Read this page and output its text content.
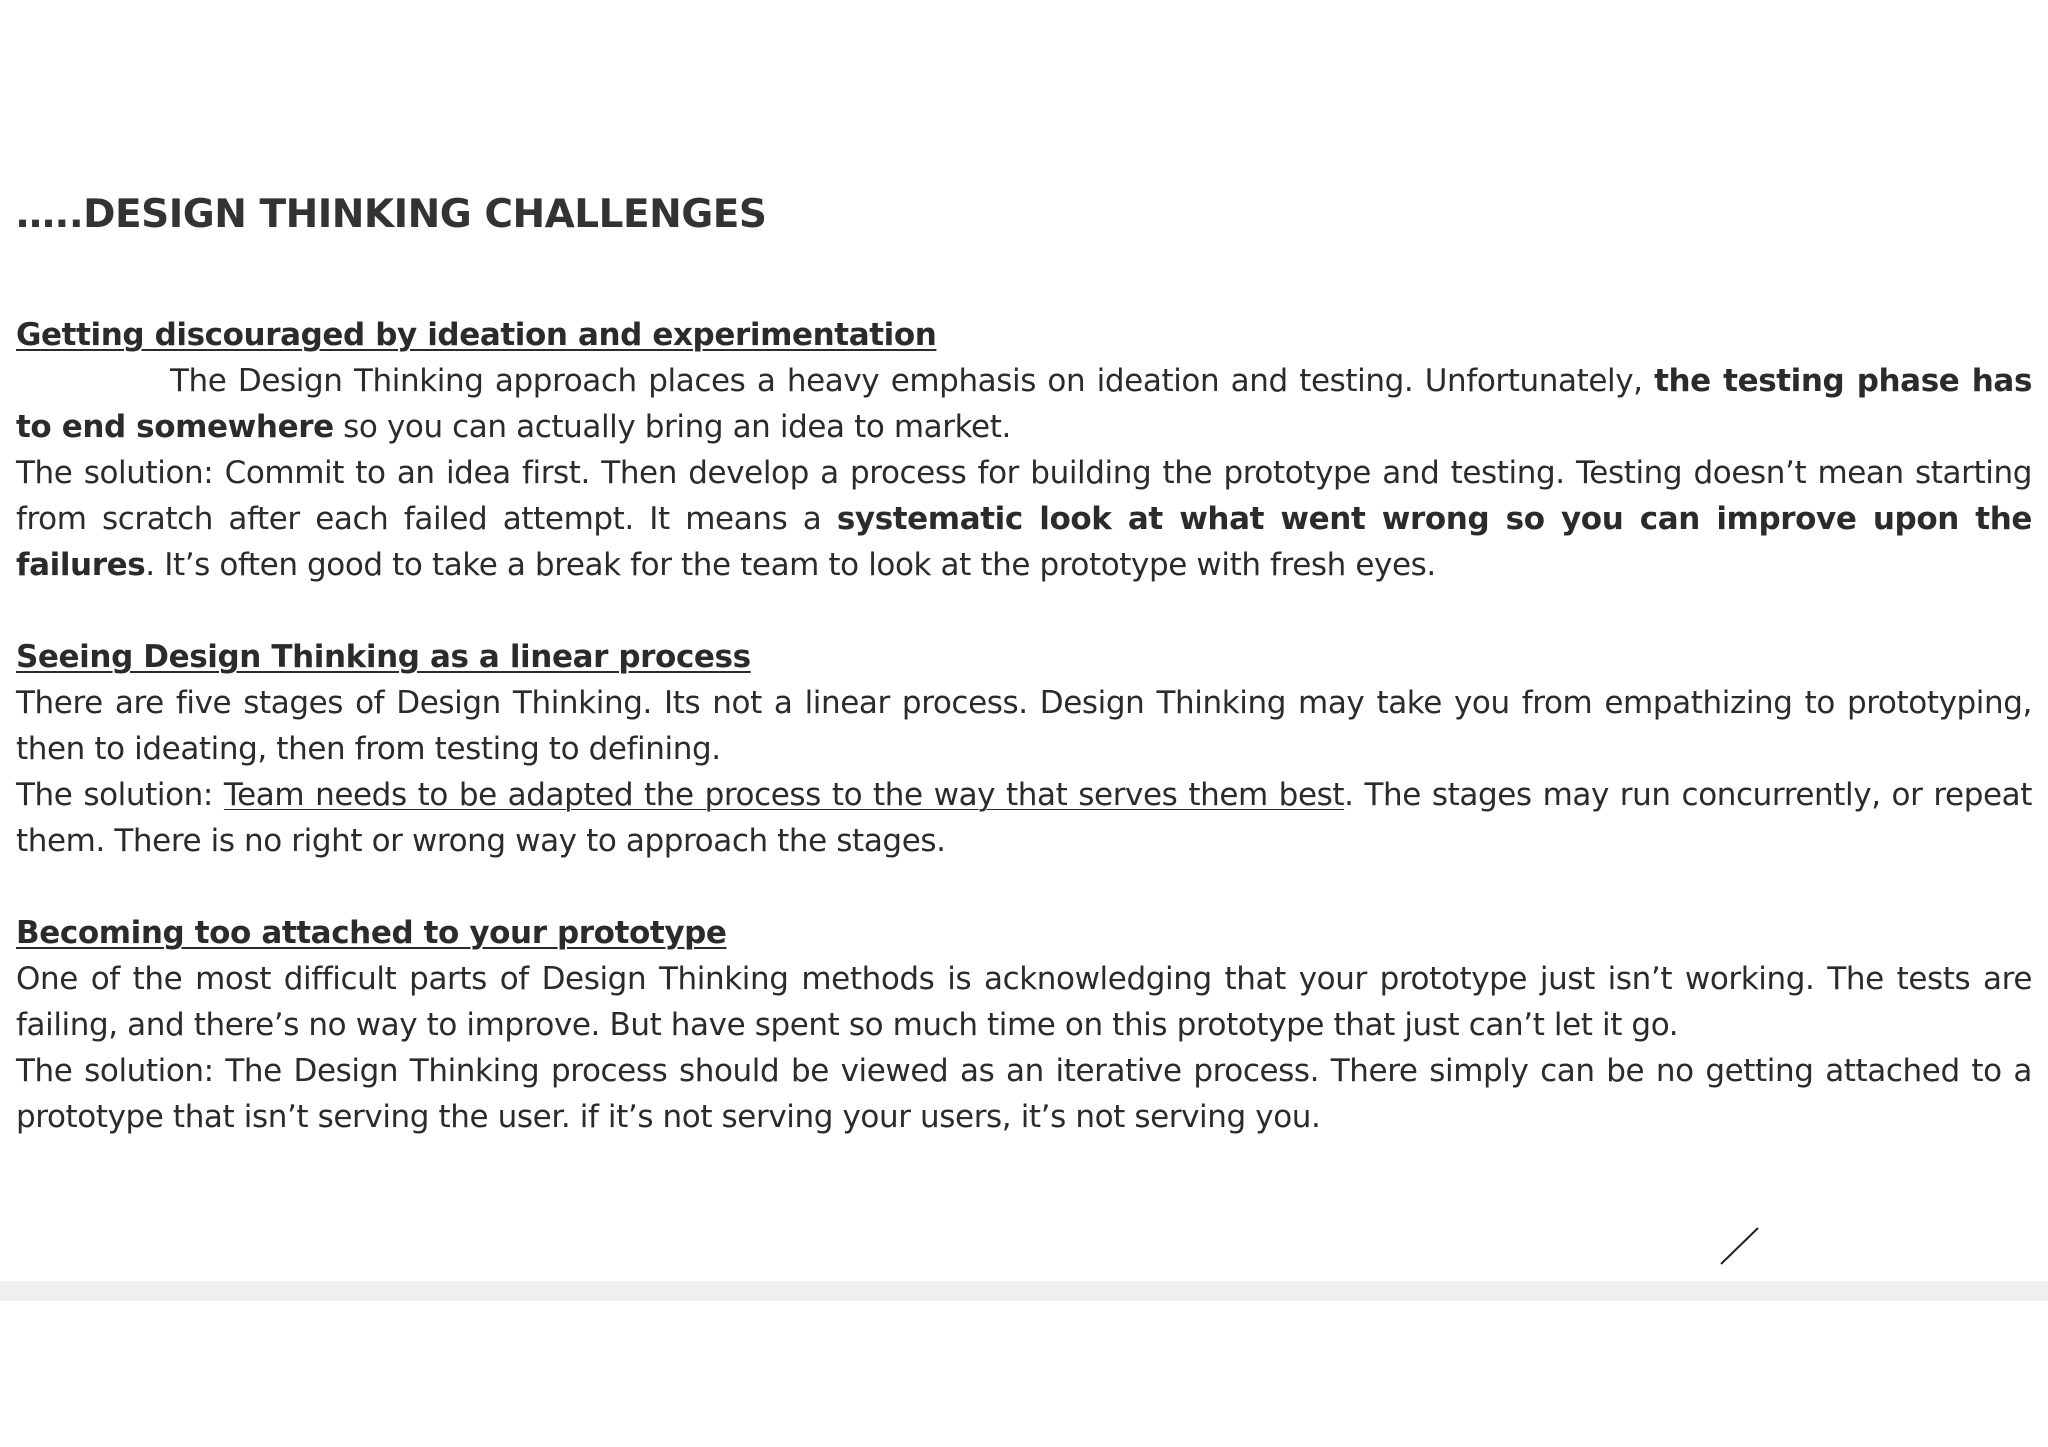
…..DESIGN THINKING CHALLENGES

Getting discouraged by ideation and experimentation

The Design Thinking approach places a heavy emphasis on ideation and testing. Unfortunately, the testing phase has to end somewhere so you can actually bring an idea to market.

The solution: Commit to an idea first. Then develop a process for building the prototype and testing. Testing doesn’t mean starting from scratch after each failed attempt. It means a systematic look at what went wrong so you can improve upon the failures. It’s often good to take a break for the team to look at the prototype with fresh eyes.

Seeing Design Thinking as a linear process

There are five stages of Design Thinking. Its not a linear process. Design Thinking may take you from empathizing to prototyping, then to ideating, then from testing to defining.

The solution: Team needs to be adapted the process to the way that serves them best. The stages may run concurrently, or repeat them. There is no right or wrong way to approach the stages.

Becoming too attached to your prototype

One of the most difficult parts of Design Thinking methods is acknowledging that your prototype just isn’t working. The tests are failing, and there’s no way to improve. But have spent so much time on this prototype that just can’t let it go.

The solution: The Design Thinking process should be viewed as an iterative process. There simply can be no getting attached to a prototype that isn’t serving the user. if it’s not serving your users, it’s not serving you.
